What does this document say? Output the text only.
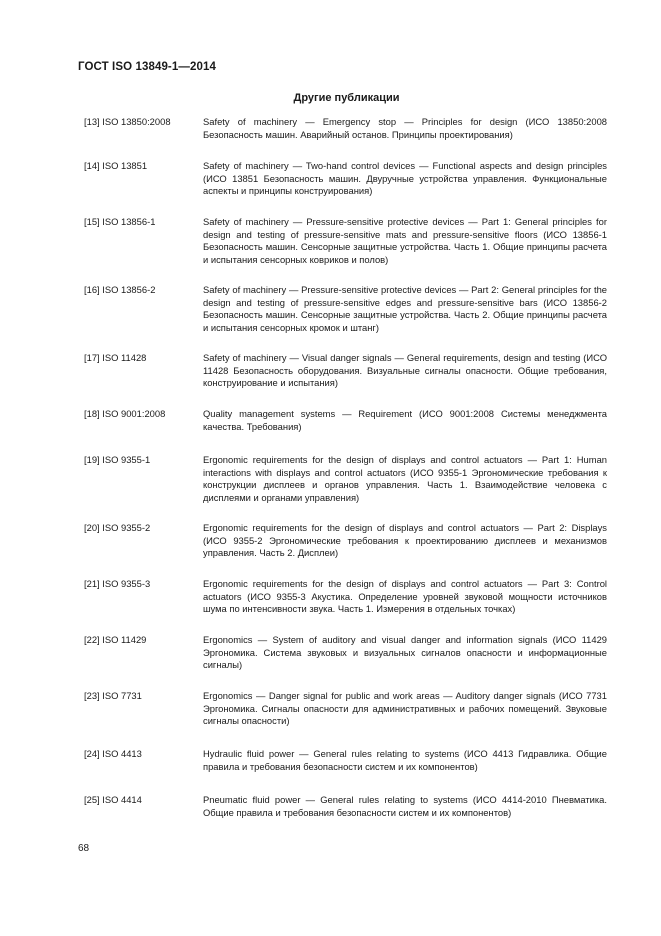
ГОСТ ISO 13849-1—2014
Другие публикации
[13] ISO 13850:2008	Safety of machinery — Emergency stop — Principles for design (ИСО 13850:2008 Безопасность машин. Аварийный останов. Принципы проектирования)
[14] ISO 13851	Safety of machinery — Two-hand control devices — Functional aspects and design principles (ИСО 13851 Безопасность машин. Двуручные устройства управления. Функциональные аспекты и принципы конструирования)
[15] ISO 13856-1	Safety of machinery — Pressure-sensitive protective devices — Part 1: General principles for design and testing of pressure-sensitive mats and pressure-sensitive floors (ИСО 13856-1 Безопасность машин. Сенсорные защитные устройства. Часть 1. Общие принципы расчета и испытания сенсорных ковриков и полов)
[16] ISO 13856-2	Safety of machinery — Pressure-sensitive protective devices — Part 2: General principles for the design and testing of pressure-sensitive edges and pressure-sensitive bars (ИСО 13856-2 Безопасность машин. Сенсорные защитные устройства. Часть 2. Общие принципы расчета и испытания сенсорных кромок и штанг)
[17] ISO 11428	Safety of machinery — Visual danger signals — General requirements, design and testing (ИСО 11428 Безопасность оборудования. Визуальные сигналы опасности. Общие требования, конструирование и испытания)
[18] ISO 9001:2008	Quality management systems — Requirement (ИСО 9001:2008 Системы менеджмента качества. Требования)
[19] ISO 9355-1	Ergonomic requirements for the design of displays and control actuators — Part 1: Human interactions with displays and control actuators (ИСО 9355-1 Эргономические требования к конструкции дисплеев и органов управления. Часть 1. Взаимодействие человека с дисплеями и органами управления)
[20] ISO 9355-2	Ergonomic requirements for the design of displays and control actuators — Part 2: Displays (ИСО 9355-2 Эргономические требования к проектированию дисплеев и механизмов управления. Часть 2. Дисплеи)
[21] ISO 9355-3	Ergonomic requirements for the design of displays and control actuators — Part 3: Control actuators (ИСО 9355-3 Акустика. Определение уровней звуковой мощности источников шума по интенсивности звука. Часть 1. Измерения в отдельных точках)
[22] ISO 11429	Ergonomics — System of auditory and visual danger and information signals (ИСО 11429 Эргономика. Система звуковых и визуальных сигналов опасности и информационные сигналы)
[23] ISO 7731	Ergonomics — Danger signal for public and work areas — Auditory danger signals (ИСО 7731 Эргономика. Сигналы опасности для административных и рабочих помещений. Звуковые сигналы опасности)
[24] ISO 4413	Hydraulic fluid power — General rules relating to systems (ИСО 4413 Гидравлика. Общие правила и требования безопасности систем и их компонентов)
[25] ISO 4414	Pneumatic fluid power — General rules relating to systems (ИСО 4414-2010 Пневматика. Общие правила и требования безопасности систем и их компонентов)
68
